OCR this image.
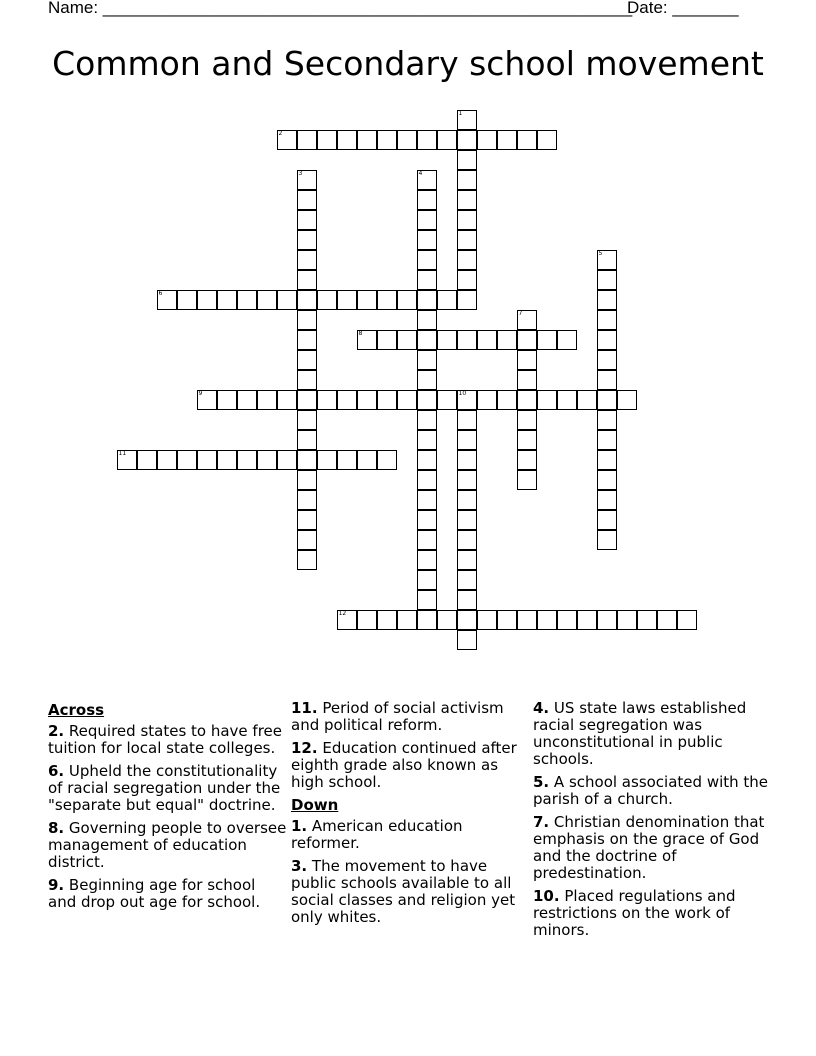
Name: ________________________________________________________
Date: _______
Common and Secondary school movement
1
2
3	4
5
6
7
8
9	10
11
12
Across
2. Required states to have free tuition for local state colleges.
6. Upheld the constitutionality of racial segregation under the "separate but equal" doctrine.
8. Governing people to oversee management of education district.
9. Beginning age for school and drop out age for school.
11. Period of social activism and political reform.
12. Education continued after eighth grade also known as high school.
Down
1. American education reformer.
3. The movement to have public schools available to all social classes and religion yet only whites.
4. US state laws established racial segregation was unconstitutional in public schools.
5. A school associated with the parish of a church.
7. Christian denomination that emphasis on the grace of God and the doctrine of predestination.
10. Placed regulations and restrictions on the work of minors.
